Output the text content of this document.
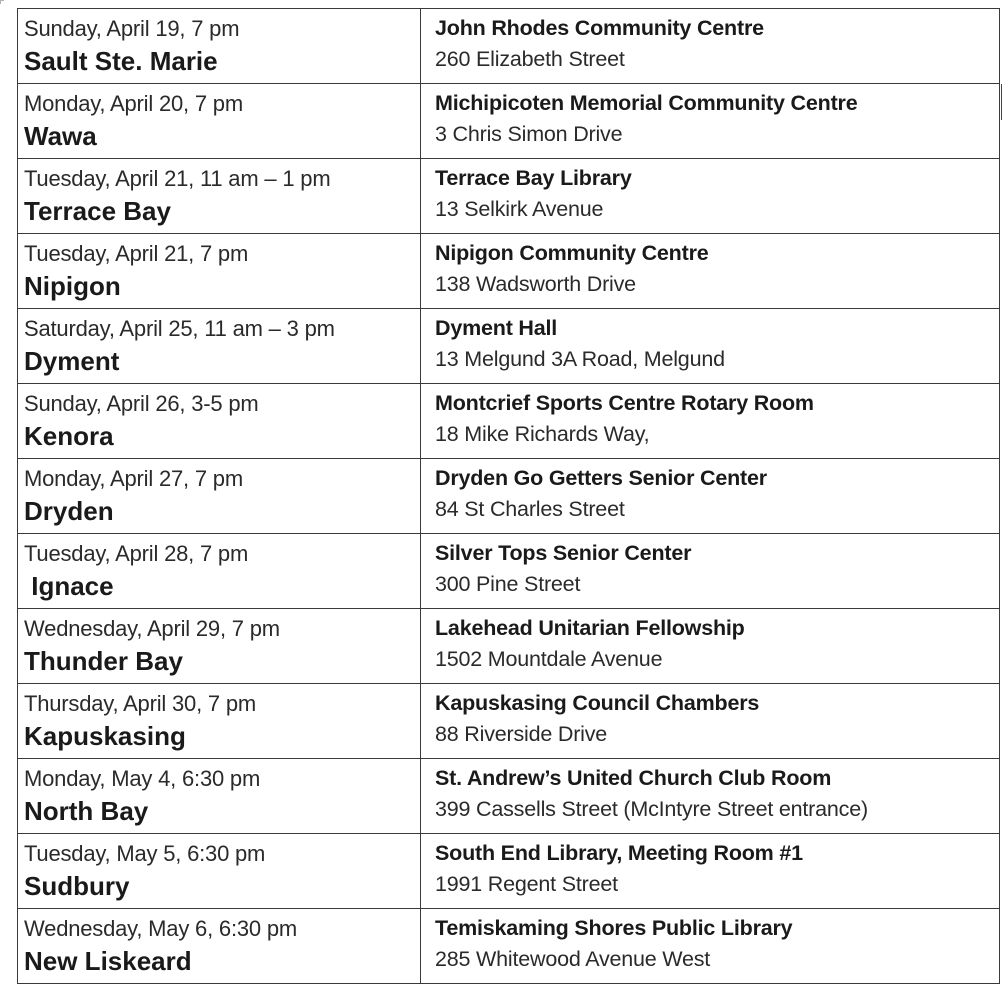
Sunday, April 19, 7 pm
Sault Ste. Marie	John Rhodes Community Centre
260 Elizabeth Street

Monday, April 20, 7 pm
Wawa	Michipicoten Memorial Community Centre
3 Chris Simon Drive

Tuesday, April 21, 11 am – 1 pm
Terrace Bay	Terrace Bay Library
13 Selkirk Avenue

Tuesday, April 21, 7 pm
Nipigon	Nipigon Community Centre
138 Wadsworth Drive

Saturday, April 25, 11 am – 3 pm
Dyment	Dyment Hall
13 Melgund 3A Road, Melgund

Sunday, April 26, 3-5 pm
Kenora	Montcrief Sports Centre Rotary Room
18 Mike Richards Way,

Monday, April 27, 7 pm
Dryden	Dryden Go Getters Senior Center
84 St Charles Street

Tuesday, April 28, 7 pm
Ignace	Silver Tops Senior Center
300 Pine Street

Wednesday, April 29, 7 pm
Thunder Bay	Lakehead Unitarian Fellowship
1502 Mountdale Avenue

Thursday, April 30, 7 pm
Kapuskasing	Kapuskasing Council Chambers
88 Riverside Drive

Monday, May 4, 6:30 pm
North Bay	St. Andrew’s United Church Club Room
399 Cassells Street (McIntyre Street entrance)

Tuesday, May 5, 6:30 pm
Sudbury	South End Library, Meeting Room #1
1991 Regent Street

Wednesday, May 6, 6:30 pm
New Liskeard	Temiskaming Shores Public Library
285 Whitewood Avenue West
